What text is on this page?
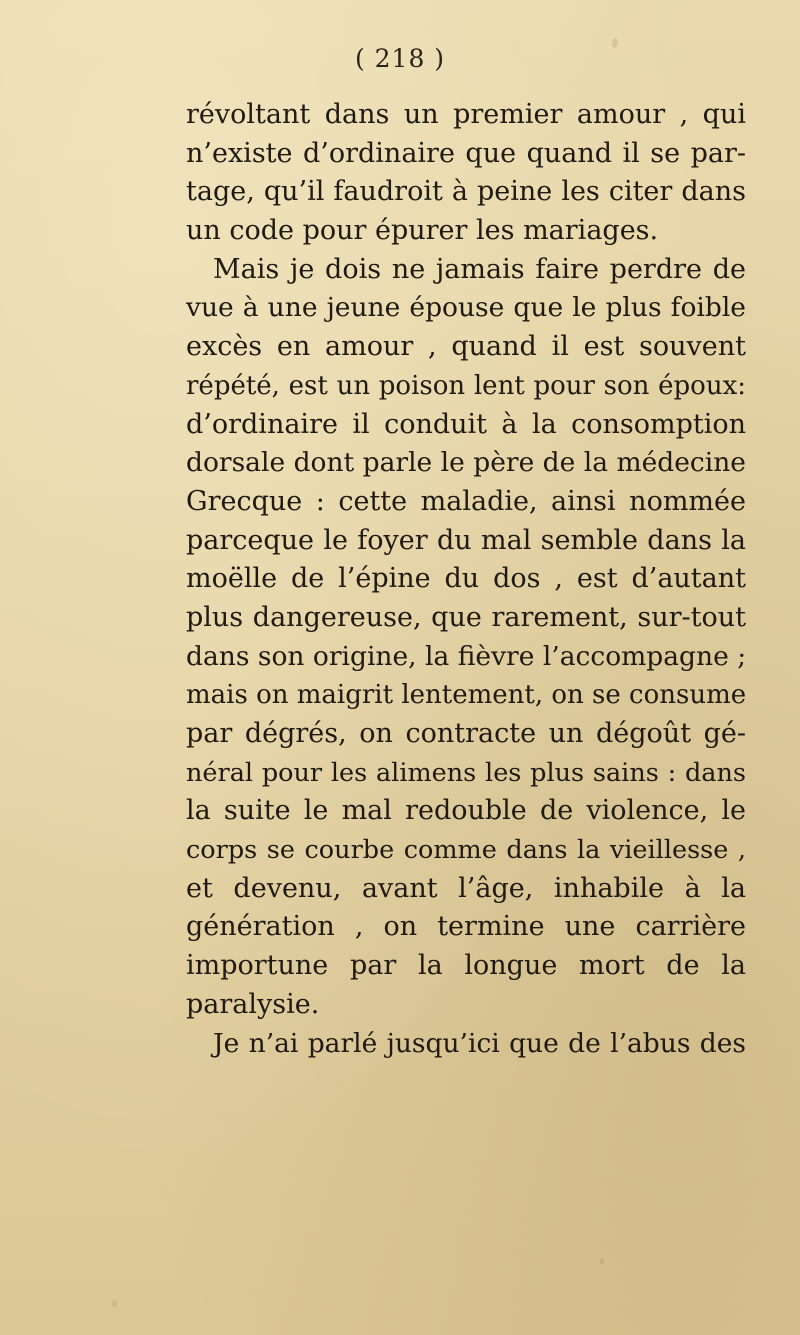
( 218 )
révoltant dans un premier amour , qui
n’existe d’ordinaire que quand il se par-
tage, qu’il faudroit à peine les citer dans
un code pour épurer les mariages.
Mais je dois ne jamais faire perdre de
vue à une jeune épouse que le plus foible
excès en amour , quand il est souvent
répété, est un poison lent pour son époux:
d’ordinaire il conduit à la consomption
dorsale dont parle le père de la médecine
Grecque : cette maladie, ainsi nommée
parceque le foyer du mal semble dans la
moëlle de l’épine du dos , est d’autant
plus dangereuse, que rarement, sur-tout
dans son origine, la fièvre l’accompagne ;
mais on maigrit lentement, on se consume
par dégrés, on contracte un dégoût gé-
néral pour les alimens les plus sains : dans
la suite le mal redouble de violence, le
corps se courbe comme dans la vieillesse ,
et devenu, avant l’âge, inhabile à la
génération , on termine une carrière
importune par la longue mort de la
paralysie.
Je n’ai parlé jusqu’ici que de l’abus des
